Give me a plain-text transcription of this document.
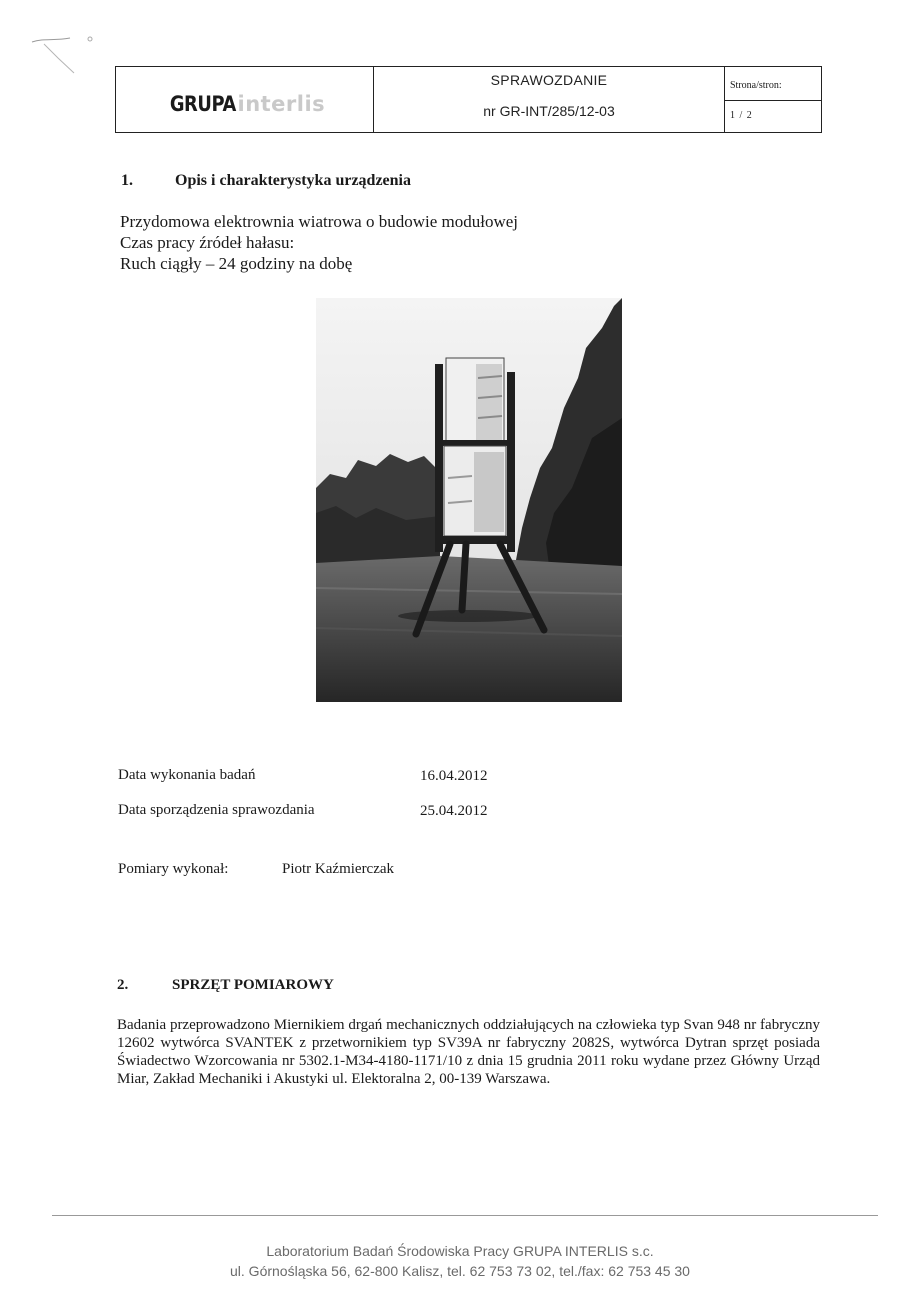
GRUPA interlis
SPRAWOZDANIE
nr GR-INT/285/12-03
Strona/stron:
1 / 2
1.	Opis i charakterystyka urządzenia
Przydomowa elektrownia wiatrowa o budowie modułowej
Czas pracy źródeł hałasu:
Ruch ciągły – 24 godziny na dobę
Data wykonania badań	16.04.2012
Data sporządzenia sprawozdania	25.04.2012
Pomiary wykonał:	Piotr Kaźmierczak
2.	SPRZĘT POMIAROWY
Badania przeprowadzono Miernikiem drgań mechanicznych oddziałujących na człowieka typ Svan 948 nr fabryczny 12602 wytwórca SVANTEK z przetwornikiem typ SV39A nr fabryczny 2082S, wytwórca Dytran sprzęt posiada Świadectwo Wzorcowania nr 5302.1-M34-4180-1171/10 z dnia 15 grudnia 2011 roku wydane przez Główny Urząd Miar, Zakład Mechaniki i Akustyki ul. Elektoralna 2, 00-139 Warszawa.
Laboratorium Badań Środowiska Pracy GRUPA INTERLIS s.c.
ul. Górnośląska 56, 62-800 Kalisz, tel. 62 753 73 02, tel./fax: 62 753 45 30
